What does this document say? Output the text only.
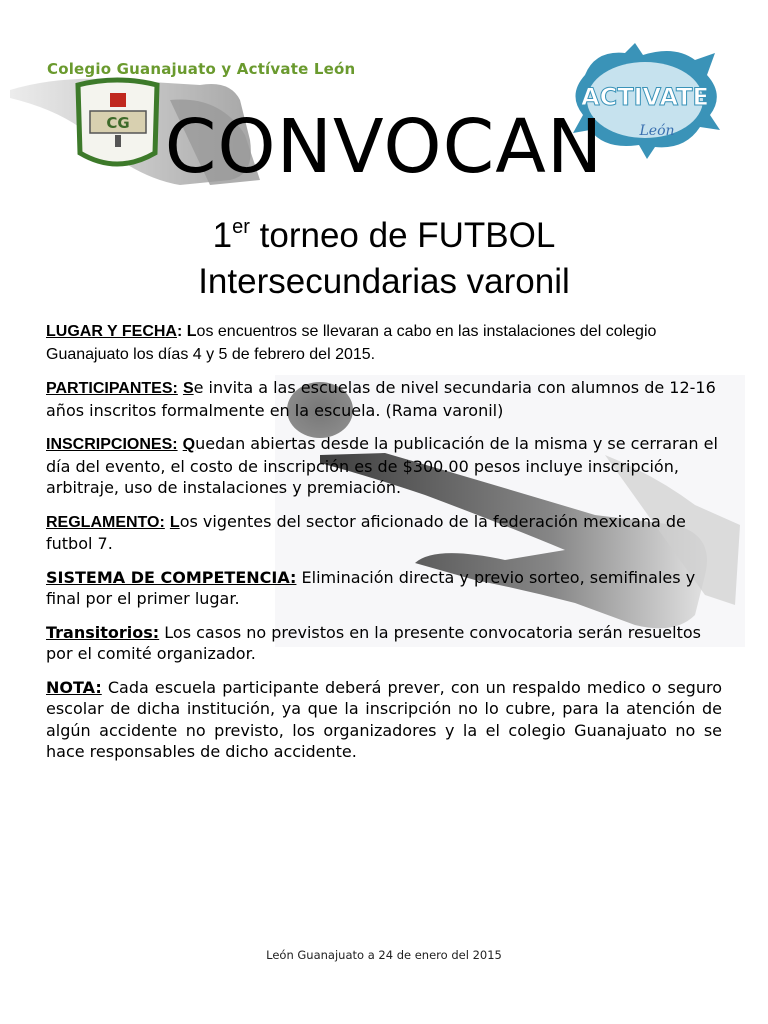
CG
ACTIVATE
León
Colegio Guanajuato y Actívate León
CONVOCAN
1er torneo de FUTBOL
Intersecundarias varonil

LUGAR Y FECHA: Los encuentros se llevaran a cabo en las instalaciones del colegio Guanajuato los días 4 y 5 de febrero del 2015.

PARTICIPANTES: Se invita a las escuelas de nivel secundaria con alumnos de 12-16 años inscritos formalmente en la escuela. (Rama varonil)

INSCRIPCIONES: Quedan abiertas desde la publicación de la misma y se cerraran el día del evento, el costo de inscripción es de $300.00 pesos incluye inscripción, arbitraje, uso de instalaciones y premiación.

REGLAMENTO: Los vigentes del sector aficionado de la federación mexicana de futbol 7.

SISTEMA DE COMPETENCIA: Eliminación directa y previo sorteo, semifinales y final por el primer lugar.

Transitorios: Los casos no previstos en la presente convocatoria serán resueltos por el comité organizador.

NOTA: Cada escuela participante deberá prever, con un respaldo medico o seguro escolar de dicha institución, ya que la inscripción no lo cubre, para la atención de algún accidente no previsto, los organizadores y la el colegio Guanajuato no se hace responsables de dicho accidente.

León Guanajuato a 24 de enero del 2015
